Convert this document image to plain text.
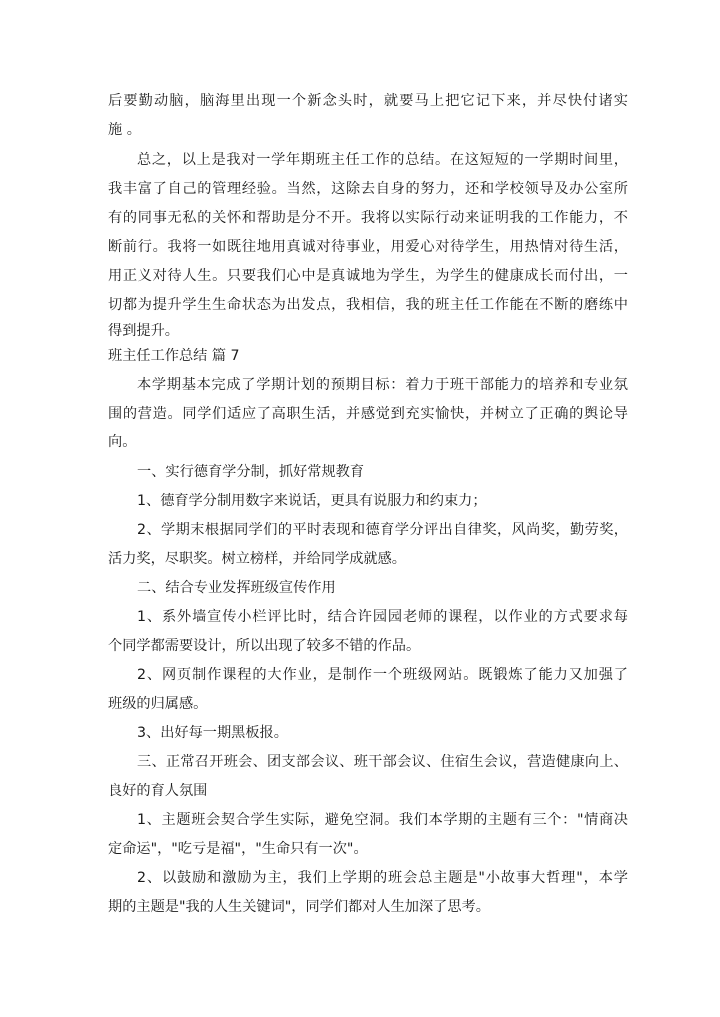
后要勤动脑，脑海里出现一个新念头时，就要马上把它记下来，并尽快付诸实
施 。
总之，以上是我对一学年期班主任工作的总结。在这短短的一学期时间里，
我丰富了自己的管理经验。当然，这除去自身的努力，还和学校领导及办公室所
有的同事无私的关怀和帮助是分不开。我将以实际行动来证明我的工作能力，不
断前行。我将一如既往地用真诚对待事业，用爱心对待学生，用热情对待生活，
用正义对待人生。只要我们心中是真诚地为学生，为学生的健康成长而付出，一
切都为提升学生生命状态为出发点，我相信，我的班主任工作能在不断的磨练中
得到提升。
班主任工作总结 篇 7
本学期基本完成了学期计划的预期目标：着力于班干部能力的培养和专业氛
围的营造。同学们适应了高职生活，并感觉到充实愉快，并树立了正确的舆论导
向。
一、实行德育学分制，抓好常规教育
1、德育学分制用数字来说话，更具有说服力和约束力；
2、学期末根据同学们的平时表现和德育学分评出自律奖，风尚奖，勤劳奖，
活力奖，尽职奖。树立榜样，并给同学成就感。
二、结合专业发挥班级宣传作用
1、系外墙宣传小栏评比时，结合许园园老师的课程，以作业的方式要求每
个同学都需要设计，所以出现了较多不错的作品。
2、网页制作课程的大作业，是制作一个班级网站。既锻炼了能力又加强了
班级的归属感。
3、出好每一期黑板报。
三、正常召开班会、团支部会议、班干部会议、住宿生会议，营造健康向上、
良好的育人氛围
1、主题班会契合学生实际，避免空洞。我们本学期的主题有三个："情商决
定命运"，"吃亏是福"，"生命只有一次"。
2、以鼓励和激励为主，我们上学期的班会总主题是"小故事大哲理"，本学
期的主题是"我的人生关键词"，同学们都对人生加深了思考。
